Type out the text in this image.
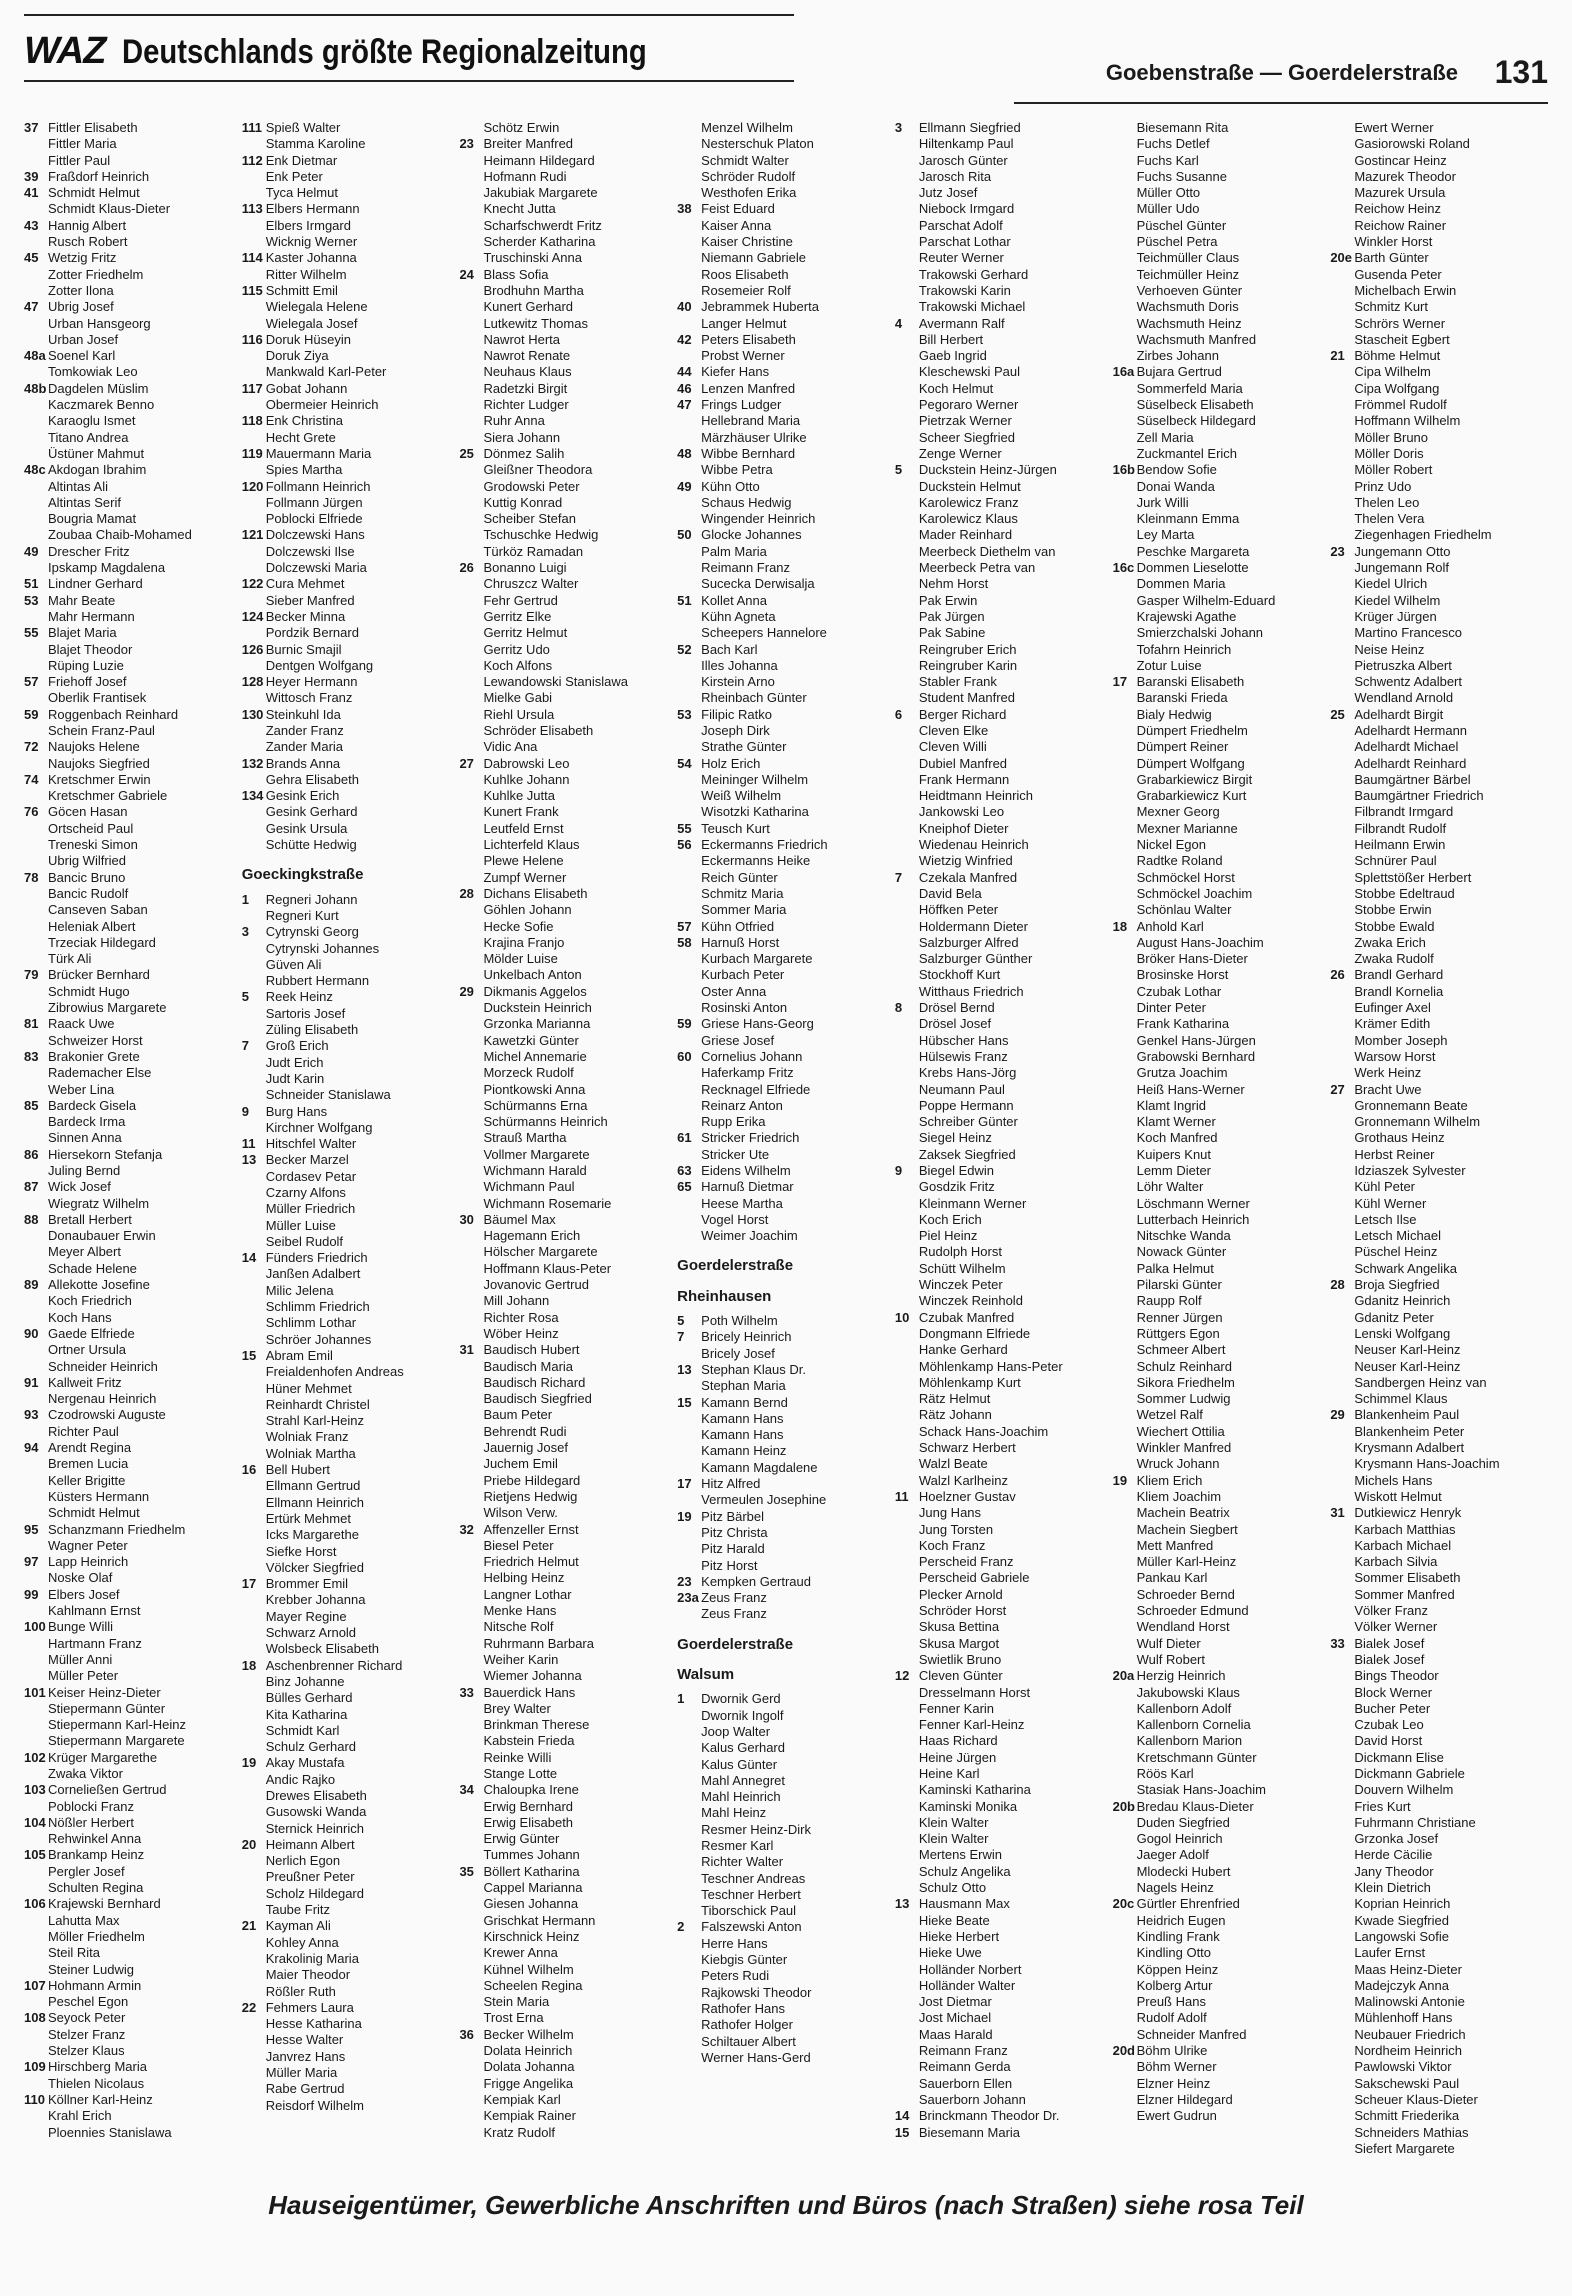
WAZ Deutschlands größte Regionalzeitung
Goebenstraße — Goerdelerstraße 131
37 Fittler Elisabeth
Fittler Maria
Fittler Paul
39 Fraßdorf Heinrich
41 Schmidt Helmut
Schmidt Klaus-Dieter
43 Hannig Albert
Rusch Robert
45 Wetzig Fritz
Zotter Friedhelm
Zotter Ilona
47 Ubrig Josef
Urban Hansgeorg
Urban Josef
48a Soenel Karl
Tomkowiak Leo
48b Dagdelen Müslim
Kaczmarek Benno
Karaoglu Ismet
Titano Andrea
Üstüner Mahmut
48c Akdogan Ibrahim
Altintas Ali
Altintas Serif
Bougria Mamat
Zoubaa Chaib-Mohamed
49 Drescher Fritz
Ipskamp Magdalena
51 Lindner Gerhard
53 Mahr Beate
Mahr Hermann
55 Blajet Maria
Blajet Theodor
Rüping Luzie
57 Friehoff Josef
Oberlik Frantisek
59 Roggenbach Reinhard
Schein Franz-Paul
72 Naujoks Helene
Naujoks Siegfried
74 Kretschmer Erwin
Kretschmer Gabriele
76 Göcen Hasan
Ortscheid Paul
Treneski Simon
Ubrig Wilfried
78 Bancic Bruno
Bancic Rudolf
Canseven Saban
Heleniak Albert
Trzeciak Hildegard
Türk Ali
79 Brücker Bernhard
Schmidt Hugo
Zibrowius Margarete
81 Raack Uwe
Schweizer Horst
83 Brakonier Grete
Rademacher Else
Weber Lina
85 Bardeck Gisela
Bardeck Irma
Sinnen Anna
86 Hiersekorn Stefanja
Juling Bernd
87 Wick Josef
Wiegratz Wilhelm
88 Bretall Herbert
Donaubauer Erwin
Meyer Albert
Schade Helene
89 Allekotte Josefine
Koch Friedrich
Koch Hans
90 Gaede Elfriede
Ortner Ursula
Schneider Heinrich
91 Kallweit Fritz
Nergenau Heinrich
93 Czodrowski Auguste
Richter Paul
94 Arendt Regina
Bremen Lucia
Keller Brigitte
Küsters Hermann
Schmidt Helmut
95 Schanzmann Friedhelm
Wagner Peter
97 Lapp Heinrich
Noske Olaf
99 Elbers Josef
Kahlmann Ernst
100 Bunge Willi
Hartmann Franz
Müller Anni
Müller Peter
101 Keiser Heinz-Dieter
Stiepermann Günter
Stiepermann Karl-Heinz
Stiepermann Margarete
102 Krüger Margarethe
Zwaka Viktor
103 Corneließen Gertrud
Poblocki Franz
104 Nößler Herbert
Rehwinkel Anna
105 Brankamp Heinz
Pergler Josef
Schulten Regina
106 Krajewski Bernhard
Lahutta Max
Möller Friedhelm
Steil Rita
Steiner Ludwig
107 Hohmann Armin
Peschel Egon
108 Seyock Peter
Stelzer Franz
Stelzer Klaus
109 Hirschberg Maria
Thielen Nicolaus
110 Köllner Karl-Heinz
Krahl Erich
Ploennies Stanislawa
111 Spieß Walter
Stamma Karoline
112 Enk Dietmar
Enk Peter
Tyca Helmut
113 Elbers Hermann
Elbers Irmgard
Wicknig Werner
114 Kaster Johanna
Ritter Wilhelm
115 Schmitt Emil
Wielegala Helene
Wielegala Josef
116 Doruk Hüseyin
Doruk Ziya
Mankwald Karl-Peter
117 Gobat Johann
Obermeier Heinrich
118 Enk Christina
Hecht Grete
119 Mauermann Maria
Spies Martha
120 Follmann Heinrich
Follmann Jürgen
Poblocki Elfriede
121 Dolczewski Hans
Dolczewski Ilse
Dolczewski Maria
122 Cura Mehmet
Sieber Manfred
124 Becker Minna
Pordzik Bernard
126 Burnic Smajil
Dentgen Wolfgang
128 Heyer Hermann
Wittosch Franz
130 Steinkuhl Ida
Zander Franz
Zander Maria
132 Brands Anna
Gehra Elisabeth
134 Gesink Erich
Gesink Gerhard
Gesink Ursula
Schütte Hedwig
Goeckingkstraße
1 Regneri Johann
Regneri Kurt
3 Cytrynski Georg
Cytrynski Johannes
Güven Ali
Rubbert Hermann
5 Reek Heinz
Sartoris Josef
Züling Elisabeth
7 Groß Erich
Judt Erich
Judt Karin
Schneider Stanislawa
9 Burg Hans
Kirchner Wolfgang
11 Hitschfel Walter
13 Becker Marzel
Cordasev Petar
Czarny Alfons
Müller Friedrich
Müller Luise
Seibel Rudolf
14 Fünders Friedrich
Janßen Adalbert
Milic Jelena
Schlimm Friedrich
Schlimm Lothar
Schröer Johannes
15 Abram Emil
Freialdenhofen Andreas
Hüner Mehmet
Reinhardt Christel
Strahl Karl-Heinz
Wolniak Franz
Wolniak Martha
16 Bell Hubert
Ellmann Gertrud
Ellmann Heinrich
Ertürk Mehmet
Icks Margarethe
Siefke Horst
Völcker Siegfried
17 Brommer Emil
Krebber Johanna
Mayer Regine
Schwarz Arnold
Wolsbeck Elisabeth
18 Aschenbrenner Richard
Binz Johanne
Bülles Gerhard
Kita Katharina
Schmidt Karl
Schulz Gerhard
19 Akay Mustafa
Andic Rajko
Drewes Elisabeth
Gusowski Wanda
Sternick Heinrich
20 Heimann Albert
Nerlich Egon
Preußner Peter
Scholz Hildegard
Taube Fritz
21 Kayman Ali
Kohley Anna
Krakolinig Maria
Maier Theodor
Rößler Ruth
22 Fehmers Laura
Hesse Katharina
Hesse Walter
Janvrez Hans
Müller Maria
Rabe Gertrud
Reisdorf Wilhelm
Schötz Erwin
23 Breiter Manfred
Heimann Hildegard
Hofmann Rudi
Jakubiak Margarete
Knecht Jutta
Scharfschwerdt Fritz
Scherder Katharina
Truschinski Anna
24 Blass Sofia
Brodhuhn Martha
Kunert Gerhard
Lutkewitz Thomas
Nawrot Herta
Nawrot Renate
Neuhaus Klaus
Radetzki Birgit
Richter Ludger
Ruhr Anna
Siera Johann
25 Dönmez Salih
Gleißner Theodora
Grodowski Peter
Kuttig Konrad
Scheiber Stefan
Tschuschke Hedwig
Türköz Ramadan
26 Bonanno Luigi
Chruszcz Walter
Fehr Gertrud
Gerritz Elke
Gerritz Helmut
Gerritz Udo
Koch Alfons
Lewandowski Stanislawa
Mielke Gabi
Riehl Ursula
Schröder Elisabeth
Vidic Ana
27 Dabrowski Leo
Kuhlke Johann
Kuhlke Jutta
Kunert Frank
Leutfeld Ernst
Lichterfeld Klaus
Plewe Helene
Zumpf Werner
28 Dichans Elisabeth
Göhlen Johann
Hecke Sofie
Krajina Franjo
Mölder Luise
Unkelbach Anton
29 Dikmanis Aggelos
Duckstein Heinrich
Grzonka Marianna
Kawetzki Günter
Michel Annemarie
Morzeck Rudolf
Piontkowski Anna
Schürmanns Erna
Schürmanns Heinrich
Strauß Martha
Vollmer Margarete
Wichmann Harald
Wichmann Paul
Wichmann Rosemarie
30 Bäumel Max
Hagemann Erich
Hölscher Margarete
Hoffmann Klaus-Peter
Jovanovic Gertrud
Mill Johann
Richter Rosa
Wöber Heinz
31 Baudisch Hubert
Baudisch Maria
Baudisch Richard
Baudisch Siegfried
Baum Peter
Behrendt Rudi
Jauernig Josef
Juchem Emil
Priebe Hildegard
Rietjens Hedwig
Wilson Verw.
32 Affenzeller Ernst
Biesel Peter
Friedrich Helmut
Helbing Heinz
Langner Lothar
Menke Hans
Nitsche Rolf
Ruhrmann Barbara
Weiher Karin
Wiemer Johanna
33 Bauerdick Hans
Brey Walter
Brinkman Therese
Kabstein Frieda
Reinke Willi
Stange Lotte
34 Chaloupka Irene
Erwig Bernhard
Erwig Elisabeth
Erwig Günter
Tummes Johann
35 Böllert Katharina
Cappel Marianna
Giesen Johanna
Grischkat Hermann
Kirschnick Heinz
Krewer Anna
Kühnel Wilhelm
Scheelen Regina
Stein Maria
Trost Erna
36 Becker Wilhelm
Dolata Heinrich
Dolata Johanna
Frigge Angelika
Kempiak Karl
Kempiak Rainer
Kratz Rudolf
Menzel Wilhelm
Nesterschuk Platon
Schmidt Walter
Schröder Rudolf
Westhofen Erika
38 Feist Eduard
Kaiser Anna
Kaiser Christine
Niemann Gabriele
Roos Elisabeth
Rosemeier Rolf
40 Jebrammek Huberta
Langer Helmut
42 Peters Elisabeth
Probst Werner
44 Kiefer Hans
46 Lenzen Manfred
47 Frings Ludger
Hellebrand Maria
Märzhäuser Ulrike
48 Wibbe Bernhard
Wibbe Petra
49 Kühn Otto
Schaus Hedwig
Wingender Heinrich
50 Glocke Johannes
Palm Maria
Reimann Franz
Sucecka Derwisalja
51 Kollet Anna
Kühn Agneta
Scheepers Hannelore
52 Bach Karl
Illes Johanna
Kirstein Arno
Rheinbach Günter
53 Filipic Ratko
Joseph Dirk
Strathe Günter
54 Holz Erich
Meininger Wilhelm
Weiß Wilhelm
Wisotzki Katharina
55 Teusch Kurt
56 Eckermanns Friedrich
Eckermanns Heike
Reich Günter
Schmitz Maria
Sommer Maria
57 Kühn Otfried
58 Harnuß Horst
Kurbach Margarete
Kurbach Peter
Oster Anna
Rosinski Anton
59 Griese Hans-Georg
Griese Josef
60 Cornelius Johann
Haferkamp Fritz
Recknagel Elfriede
Reinarz Anton
Rupp Erika
61 Stricker Friedrich
Stricker Ute
63 Eidens Wilhelm
65 Harnuß Dietmar
Heese Martha
Vogel Horst
Weimer Joachim
Goerdelerstraße
Rheinhausen
5 Poth Wilhelm
7 Bricely Heinrich
Bricely Josef
13 Stephan Klaus Dr.
Stephan Maria
15 Kamann Bernd
Kamann Hans
Kamann Hans
Kamann Heinz
Kamann Magdalene
17 Hitz Alfred
Vermeulen Josephine
19 Pitz Bärbel
Pitz Christa
Pitz Harald
Pitz Horst
23 Kempken Gertraud
23a Zeus Franz
Zeus Franz
Goerdelerstraße
Walsum
1 Dwornik Gerd
Dwornik Ingolf
Joop Walter
Kalus Gerhard
Kalus Günter
Mahl Annegret
Mahl Heinrich
Mahl Heinz
Resmer Heinz-Dirk
Resmer Karl
Richter Walter
Teschner Andreas
Teschner Herbert
Tiborschick Paul
2 Falszewski Anton
Herre Hans
Kiebgis Günter
Peters Rudi
Rajkowski Theodor
Rathofer Hans
Rathofer Holger
Schiltauer Albert
Werner Hans-Gerd
3 Ellmann Siegfried
Hiltenkamp Paul
Jarosch Günter
Jarosch Rita
Jutz Josef
Niebock Irmgard
Parschat Adolf
Parschat Lothar
Reuter Werner
Trakowski Gerhard
Trakowski Karin
Trakowski Michael
4 Avermann Ralf
Bill Herbert
Gaeb Ingrid
Kleschewski Paul
Koch Helmut
Pegoraro Werner
Pietrzak Werner
Scheer Siegfried
Zenge Werner
5 Duckstein Heinz-Jürgen
Duckstein Helmut
Karolewicz Franz
Karolewicz Klaus
Mader Reinhard
Meerbeck Diethelm van
Meerbeck Petra van
Nehm Horst
Pak Erwin
Pak Jürgen
Pak Sabine
Reingruber Erich
Reingruber Karin
Stabler Frank
Student Manfred
6 Berger Richard
Cleven Elke
Cleven Willi
Dubiel Manfred
Frank Hermann
Heidtmann Heinrich
Jankowski Leo
Kneiphof Dieter
Wiedenau Heinrich
Wietzig Winfried
7 Czekala Manfred
David Bela
Höffken Peter
Holdermann Dieter
Salzburger Alfred
Salzburger Günther
Stockhoff Kurt
Witthaus Friedrich
8 Drösel Bernd
Drösel Josef
Hübscher Hans
Hülsewis Franz
Krebs Hans-Jörg
Neumann Paul
Poppe Hermann
Schreiber Günter
Siegel Heinz
Zaksek Siegfried
9 Biegel Edwin
Gosdzik Fritz
Kleinmann Werner
Koch Erich
Piel Heinz
Rudolph Horst
Schütt Wilhelm
Winczek Peter
Winczek Reinhold
10 Czubak Manfred
Dongmann Elfriede
Hanke Gerhard
Möhlenkamp Hans-Peter
Möhlenkamp Kurt
Rätz Helmut
Rätz Johann
Schack Hans-Joachim
Schwarz Herbert
Walzl Beate
Walzl Karlheinz
11 Hoelzner Gustav
Jung Hans
Jung Torsten
Koch Franz
Perscheid Franz
Perscheid Gabriele
Plecker Arnold
Schröder Horst
Skusa Bettina
Skusa Margot
Swietlik Bruno
12 Cleven Günter
Dresselmann Horst
Fenner Karin
Fenner Karl-Heinz
Haas Richard
Heine Jürgen
Heine Karl
Kaminski Katharina
Kaminski Monika
Klein Walter
Klein Walter
Mertens Erwin
Schulz Angelika
Schulz Otto
13 Hausmann Max
Hieke Beate
Hieke Herbert
Hieke Uwe
Holländer Norbert
Holländer Walter
Jost Dietmar
Jost Michael
Maas Harald
Reimann Franz
Reimann Gerda
Sauerborn Ellen
Sauerborn Johann
14 Brinckmann Theodor Dr.
15 Biesemann Maria
Biesemann Rita
Fuchs Detlef
Fuchs Karl
Fuchs Susanne
Müller Otto
Müller Udo
Püschel Günter
Püschel Petra
Teichmüller Claus
Teichmüller Heinz
Verhoeven Günter
Wachsmuth Doris
Wachsmuth Heinz
Wachsmuth Manfred
Zirbes Johann
16a Bujara Gertrud
Sommerfeld Maria
Süselbeck Elisabeth
Süselbeck Hildegard
Zell Maria
Zuckmantel Erich
16b Bendow Sofie
Donai Wanda
Jurk Willi
Kleinmann Emma
Ley Marta
Peschke Margareta
16c Dommen Lieselotte
Dommen Maria
Gasper Wilhelm-Eduard
Krajewski Agathe
Smierzchalski Johann
Tofahrn Heinrich
Zotur Luise
17 Baranski Elisabeth
Baranski Frieda
Bialy Hedwig
Dümpert Friedhelm
Dümpert Reiner
Dümpert Wolfgang
Grabarkiewicz Birgit
Grabarkiewicz Kurt
Mexner Georg
Mexner Marianne
Nickel Egon
Radtke Roland
Schmöckel Horst
Schmöckel Joachim
Schönlau Walter
18 Anhold Karl
August Hans-Joachim
Bröker Hans-Dieter
Brosinske Horst
Czubak Lothar
Dinter Peter
Frank Katharina
Genkel Hans-Jürgen
Grabowski Bernhard
Grutza Joachim
Heiß Hans-Werner
Klamt Ingrid
Klamt Werner
Koch Manfred
Kuipers Knut
Lemm Dieter
Löhr Walter
Löschmann Werner
Lutterbach Heinrich
Nitschke Wanda
Nowack Günter
Palka Helmut
Pilarski Günter
Raupp Rolf
Renner Jürgen
Rüttgers Egon
Schmeer Albert
Schulz Reinhard
Sikora Friedhelm
Sommer Ludwig
Wetzel Ralf
Wiechert Ottilia
Winkler Manfred
Wruck Johann
19 Kliem Erich
Kliem Joachim
Machein Beatrix
Machein Siegbert
Mett Manfred
Müller Karl-Heinz
Pankau Karl
Schroeder Bernd
Schroeder Edmund
Wendland Horst
Wulf Dieter
Wulf Robert
20a Herzig Heinrich
Jakubowski Klaus
Kallenborn Adolf
Kallenborn Cornelia
Kallenborn Marion
Kretschmann Günter
Röös Karl
Stasiak Hans-Joachim
20b Bredau Klaus-Dieter
Duden Siegfried
Gogol Heinrich
Jaeger Adolf
Mlodecki Hubert
Nagels Heinz
20c Gürtler Ehrenfried
Heidrich Eugen
Kindling Frank
Kindling Otto
Köppen Heinz
Kolberg Artur
Preuß Hans
Rudolf Adolf
Schneider Manfred
20d Böhm Ulrike
Böhm Werner
Elzner Heinz
Elzner Hildegard
Ewert Gudrun
Ewert Werner
Gasiorowski Roland
Gostincar Heinz
Mazurek Theodor
Mazurek Ursula
Reichow Heinz
Reichow Rainer
Winkler Horst
20e Barth Günter
Gusenda Peter
Michelbach Erwin
Schmitz Kurt
Schrörs Werner
Stascheit Egbert
21 Böhme Helmut
Cipa Wilhelm
Cipa Wolfgang
Frömmel Rudolf
Hoffmann Wilhelm
Möller Bruno
Möller Doris
Möller Robert
Prinz Udo
Thelen Leo
Thelen Vera
Ziegenhagen Friedhelm
23 Jungemann Otto
Jungemann Rolf
Kiedel Ulrich
Kiedel Wilhelm
Krüger Jürgen
Martino Francesco
Neise Heinz
Pietruszka Albert
Schwentz Adalbert
Wendland Arnold
25 Adelhardt Birgit
Adelhardt Hermann
Adelhardt Michael
Adelhardt Reinhard
Baumgärtner Bärbel
Baumgärtner Friedrich
Filbrandt Irmgard
Filbrandt Rudolf
Heilmann Erwin
Schnürer Paul
Splettstößer Herbert
Stobbe Edeltraud
Stobbe Erwin
Stobbe Ewald
Zwaka Erich
Zwaka Rudolf
26 Brandl Gerhard
Brandl Kornelia
Eufinger Axel
Krämer Edith
Momber Joseph
Warsow Horst
Werk Heinz
27 Bracht Uwe
Gronnemann Beate
Gronnemann Wilhelm
Grothaus Heinz
Herbst Reiner
Idziaszek Sylvester
Kühl Peter
Kühl Werner
Letsch Ilse
Letsch Michael
Püschel Heinz
Schwark Angelika
28 Broja Siegfried
Gdanitz Heinrich
Gdanitz Peter
Lenski Wolfgang
Neuser Karl-Heinz
Neuser Karl-Heinz
Sandbergen Heinz van
Schimmel Klaus
29 Blankenheim Paul
Blankenheim Peter
Krysmann Adalbert
Krysmann Hans-Joachim
Michels Hans
Wiskott Helmut
31 Dutkiewicz Henryk
Karbach Matthias
Karbach Michael
Karbach Silvia
Sommer Elisabeth
Sommer Manfred
Völker Franz
Völker Werner
33 Bialek Josef
Bialek Josef
Bings Theodor
Block Werner
Bucher Peter
Czubak Leo
David Horst
Dickmann Elise
Dickmann Gabriele
Douvern Wilhelm
Fries Kurt
Fuhrmann Christiane
Grzonka Josef
Herde Cäcilie
Jany Theodor
Klein Dietrich
Koprian Heinrich
Kwade Siegfried
Langowski Sofie
Laufer Ernst
Maas Heinz-Dieter
Madejczyk Anna
Malinowski Antonie
Mühlenhoff Hans
Neubauer Friedrich
Nordheim Heinrich
Pawlowski Viktor
Sakschewski Paul
Scheuer Klaus-Dieter
Schmitt Friederika
Schneiders Mathias
Siefert Margarete
Hauseigentümer, Gewerbliche Anschriften und Büros (nach Straßen) siehe rosa Teil
